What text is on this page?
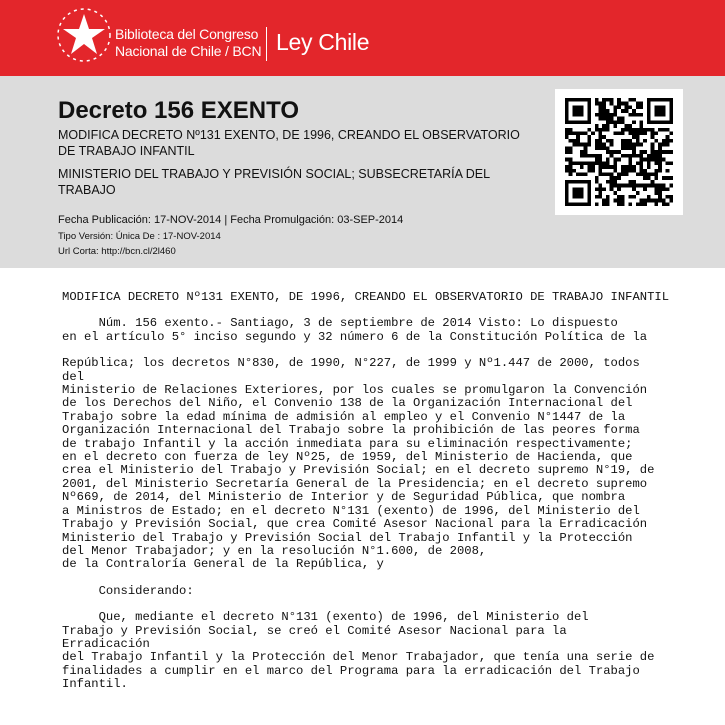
Biblioteca del Congreso
Nacional de Chile / BCN Ley Chile
Decreto 156 EXENTO
MODIFICA DECRETO Nº131 EXENTO, DE 1996, CREANDO EL OBSERVATORIO
DE TRABAJO INFANTIL
MINISTERIO DEL TRABAJO Y PREVISIÓN SOCIAL; SUBSECRETARÍA DEL
TRABAJO
Fecha Publicación: 17-NOV-2014 | Fecha Promulgación: 03-SEP-2014
Tipo Versión: Única De : 17-NOV-2014
Url Corta: http://bcn.cl/2l460

MODIFICA DECRETO Nº131 EXENTO, DE 1996, CREANDO EL OBSERVATORIO DE TRABAJO INFANTIL

Núm. 156 exento.- Santiago, 3 de septiembre de 2014 Visto: Lo dispuesto

en el artículo 5° inciso segundo y 32 número 6 de la Constitución Política de la

República; los decretos N°830, de 1990, N°227, de 1999 y Nº1.447 de 2000, todos

del

Ministerio de Relaciones Exteriores, por los cuales se promulgaron la Convención

de los Derechos del Niño, el Convenio 138 de la Organización Internacional del

Trabajo sobre la edad mínima de admisión al empleo y el Convenio N°1447 de la

Organización Internacional del Trabajo sobre la prohibición de las peores forma

de trabajo Infantil y la acción inmediata para su eliminación respectivamente;

en el decreto con fuerza de ley Nº25, de 1959, del Ministerio de Hacienda, que

crea el Ministerio del Trabajo y Previsión Social; en el decreto supremo N°19, de

2001, del Ministerio Secretaría General de la Presidencia; en el decreto supremo

Nº669, de 2014, del Ministerio de Interior y de Seguridad Pública, que nombra

a Ministros de Estado; en el decreto N°131 (exento) de 1996, del Ministerio del

Trabajo y Previsión Social, que crea Comité Asesor Nacional para la Erradicación

Ministerio del Trabajo y Previsión Social del Trabajo Infantil y la Protección

del Menor Trabajador; y en la resolución N°1.600, de 2008,

de la Contraloría General de la República, y

Considerando:

Que, mediante el decreto N°131 (exento) de 1996, del Ministerio del

Trabajo y Previsión Social, se creó el Comité Asesor Nacional para la

Erradicación

del Trabajo Infantil y la Protección del Menor Trabajador, que tenía una serie de

finalidades a cumplir en el marco del Programa para la erradicación del Trabajo

Infantil.
